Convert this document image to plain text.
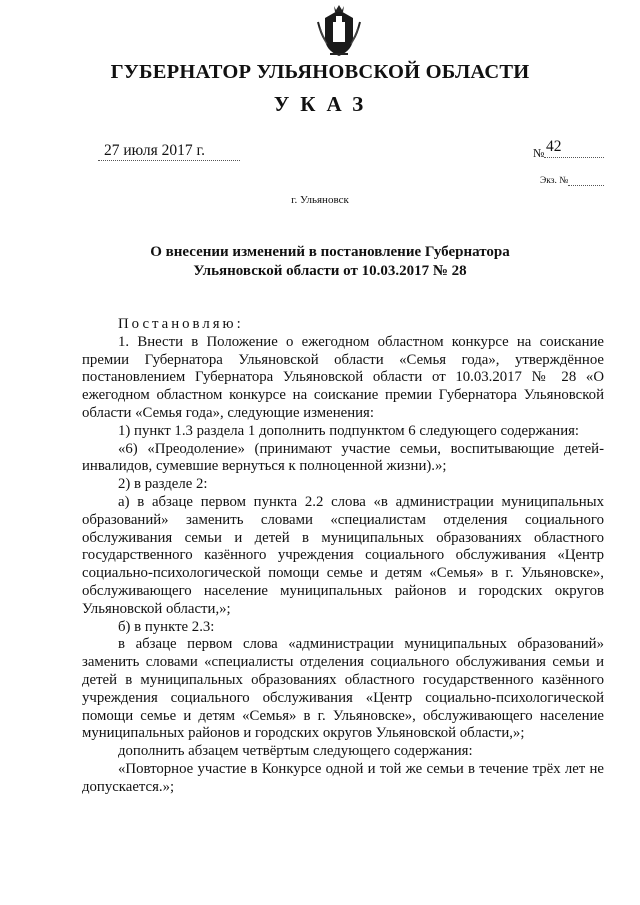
ГУБЕРНАТОР УЛЬЯНОВСКОЙ ОБЛАСТИ
УКАЗ
27 июля 2017 г.	№ 42
Экз. №
г. Ульяновск
О внесении изменений в постановление Губернатора
Ульяновской области от 10.03.2017 № 28

Постановляю:

1. Внести в Положение о ежегодном областном конкурсе на соискание премии Губернатора Ульяновской области «Семья года», утверждённое постановлением Губернатора Ульяновской области от 10.03.2017 № 28 «О ежегодном областном конкурсе на соискание премии Губернатора Ульяновской области «Семья года», следующие изменения:

1) пункт 1.3 раздела 1 дополнить подпунктом 6 следующего содержания:

«6) «Преодоление» (принимают участие семьи, воспитывающие детей-инвалидов, сумевшие вернуться к полноценной жизни).»;

2) в разделе 2:

а) в абзаце первом пункта 2.2 слова «в администрации муниципальных образований» заменить словами «специалистам отделения социального обслуживания семьи и детей в муниципальных образованиях областного государственного казённого учреждения социального обслуживания «Центр социально-психологической помощи семье и детям «Семья» в г. Ульяновске», обслуживающего население муниципальных районов и городских округов Ульяновской области,»;

б) в пункте 2.3:

в абзаце первом слова «администрации муниципальных образований» заменить словами «специалисты отделения социального обслуживания семьи и детей в муниципальных образованиях областного государственного казённого учреждения социального обслуживания «Центр социально-психологической помощи семье и детям «Семья» в г. Ульяновске», обслуживающего население муниципальных районов и городских округов Ульяновской области,»;

дополнить абзацем четвёртым следующего содержания:

«Повторное участие в Конкурсе одной и той же семьи в течение трёх лет не допускается.»;
